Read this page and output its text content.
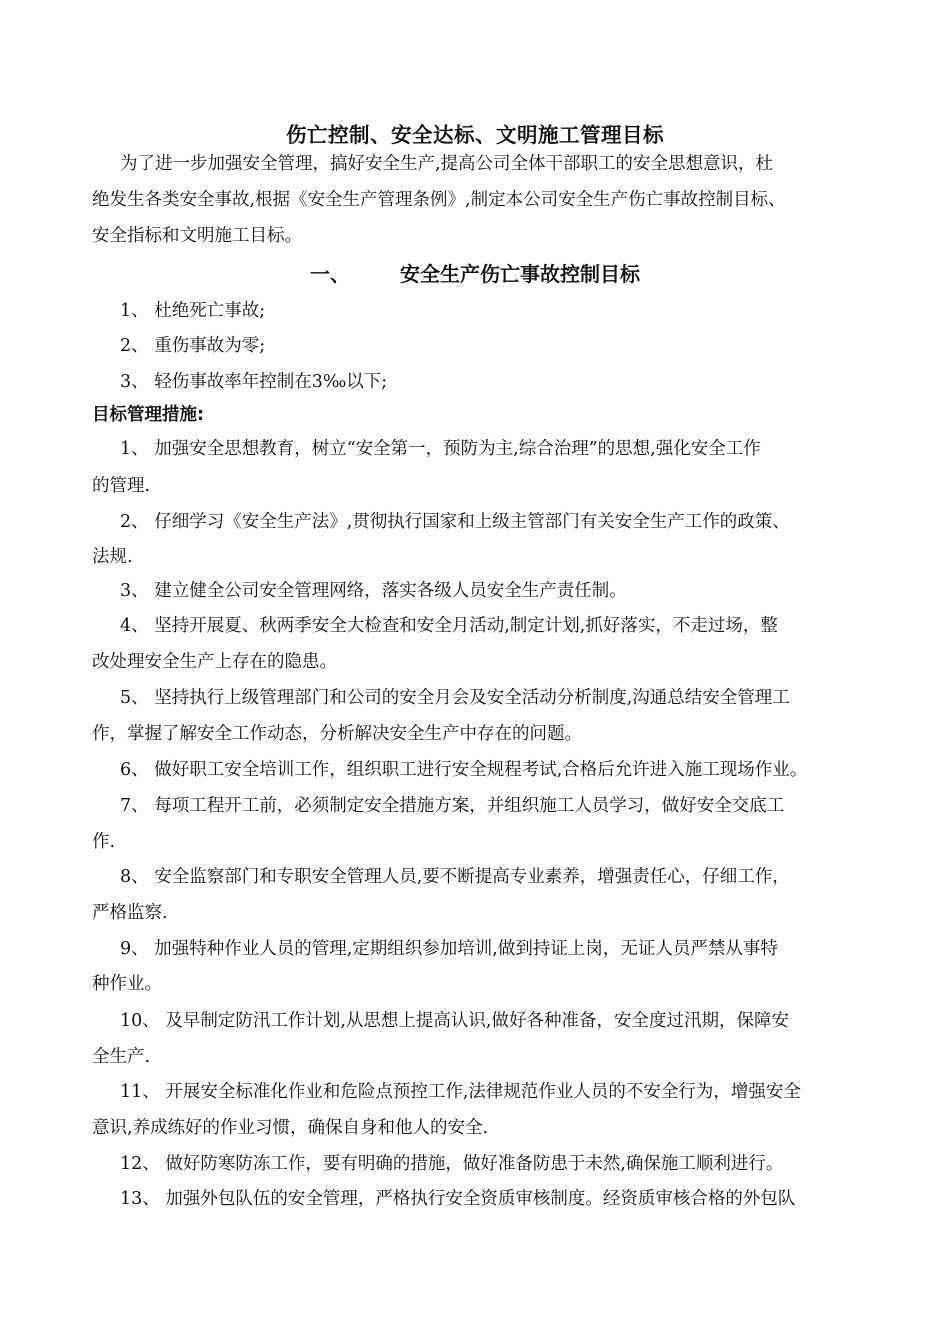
伤亡控制、安全达标、文明施工管理目标
为了进一步加强安全管理，搞好安全生产,提高公司全体干部职工的安全思想意识，杜
绝发生各类安全事故,根据《安全生产管理条例》,制定本公司安全生产伤亡事故控制目标、
安全指标和文明施工目标。
一、	安全生产伤亡事故控制目标
1、 杜绝死亡事故;
2、 重伤事故为零;
3、 轻伤事故率年控制在3‰以下;
目标管理措施:
1、 加强安全思想教育，树立“安全第一，预防为主,综合治理”的思想,强化安全工作
的管理.
2、 仔细学习《安全生产法》,贯彻执行国家和上级主管部门有关安全生产工作的政策、
法规.
3、 建立健全公司安全管理网络，落实各级人员安全生产责任制。
4、 坚持开展夏、秋两季安全大检查和安全月活动,制定计划,抓好落实，不走过场，整
改处理安全生产上存在的隐患。
5、 坚持执行上级管理部门和公司的安全月会及安全活动分析制度,沟通总结安全管理工
作，掌握了解安全工作动态，分析解决安全生产中存在的问题。
6、 做好职工安全培训工作，组织职工进行安全规程考试,合格后允许进入施工现场作业。
7、 每项工程开工前，必须制定安全措施方案，并组织施工人员学习，做好安全交底工
作.
8、 安全监察部门和专职安全管理人员,要不断提高专业素养，增强责任心，仔细工作，
严格监察.
9、 加强特种作业人员的管理,定期组织参加培训,做到持证上岗，无证人员严禁从事特
种作业。
10、 及早制定防汛工作计划,从思想上提高认识,做好各种准备，安全度过汛期，保障安
全生产.
11、 开展安全标准化作业和危险点预控工作,法律规范作业人员的不安全行为，增强安全
意识,养成练好的作业习惯，确保自身和他人的安全.
12、 做好防寒防冻工作，要有明确的措施，做好准备防患于未然,确保施工顺利进行。
13、 加强外包队伍的安全管理，严格执行安全资质审核制度。经资质审核合格的外包队
